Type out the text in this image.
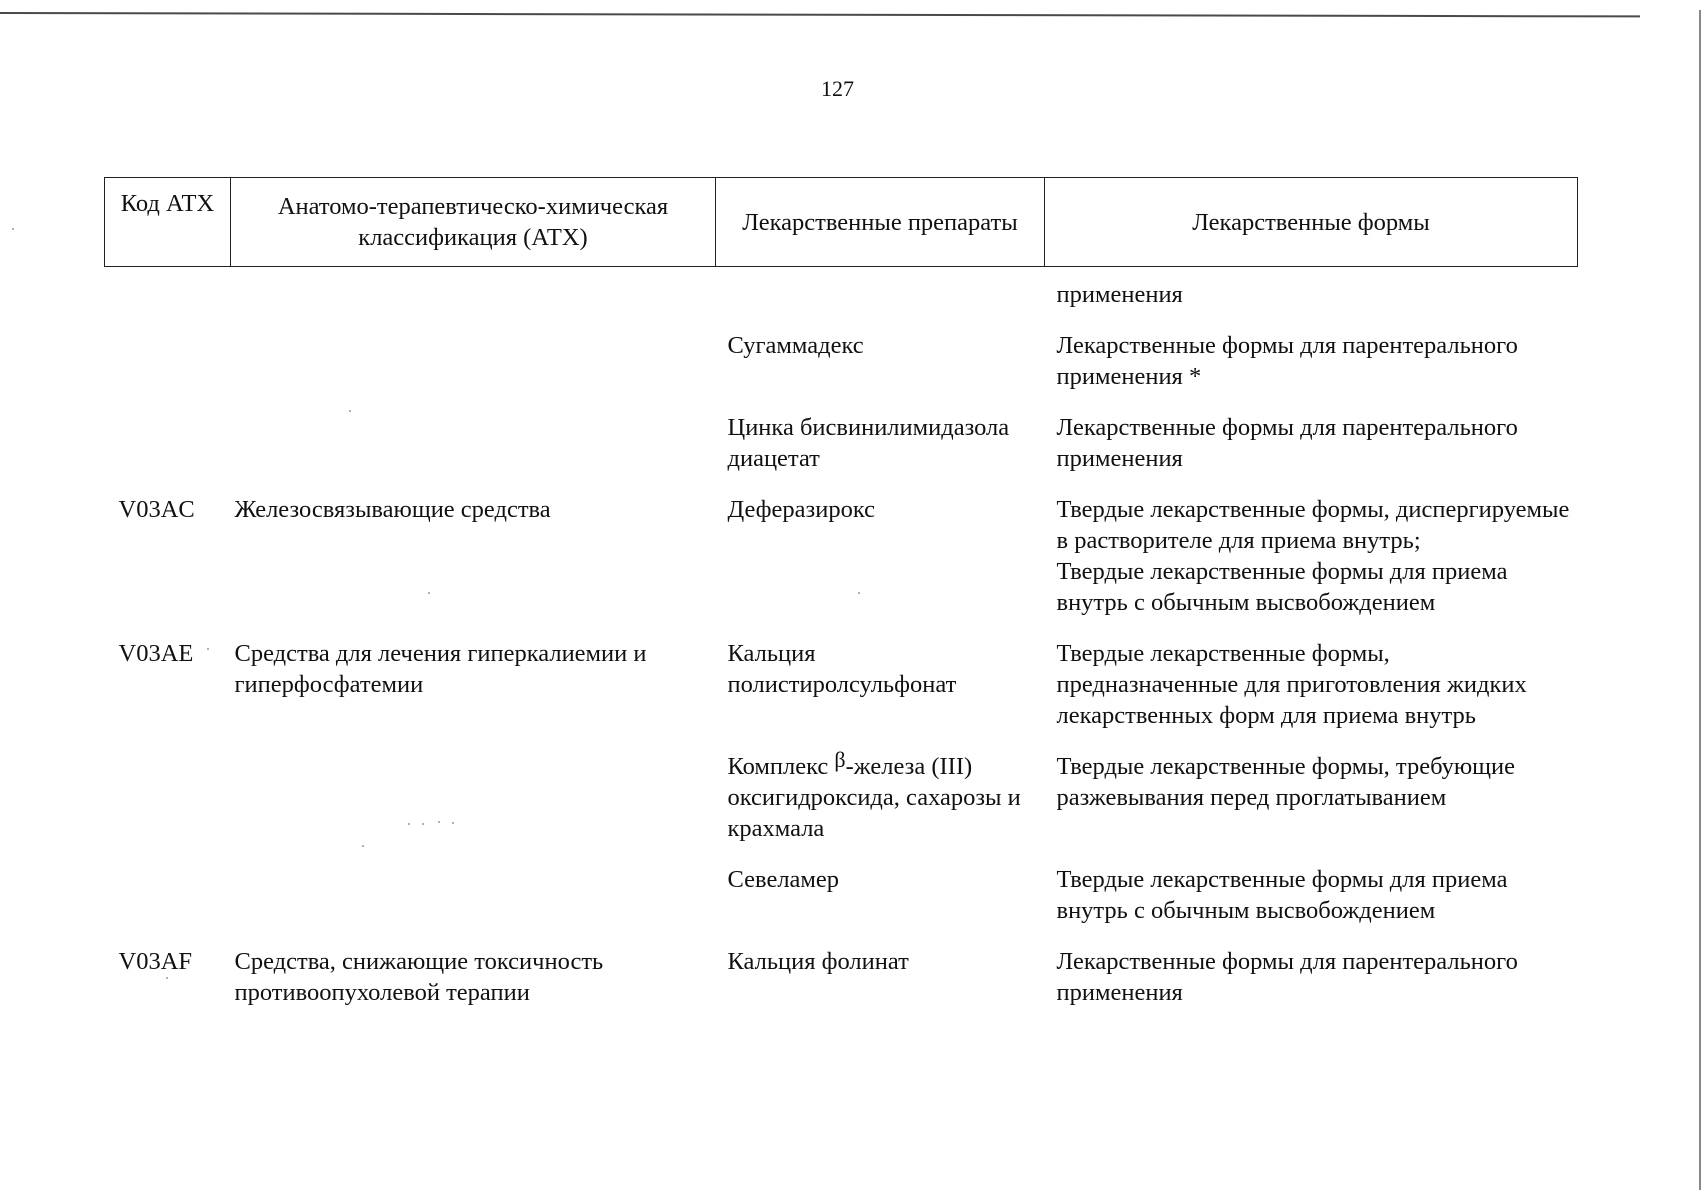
127
Код АТХ	Анатомо-терапевтическо-химическая классификация (АТХ)	Лекарственные препараты	Лекарственные формы

			применения

		Сугаммадекс	Лекарственные формы для парентерального применения *

		Цинка бисвинилимидазола диацетат	Лекарственные формы для парентерального применения

V03AC	Железосвязывающие средства	Деферазирокс	Твердые лекарственные формы, диспергируемые в растворителе для приема внутрь;
Твердые лекарственные формы для приема внутрь с обычным высвобождением

V03AE	Средства для лечения гиперкалиемии и гиперфосфатемии	Кальция полистиролсульфонат	Твердые лекарственные формы, предназначенные для приготовления жидких лекарственных форм для приема внутрь

		Комплекс β-железа (III) оксигидроксида, сахарозы и крахмала	Твердые лекарственные формы, требующие разжевывания перед проглатыванием

		Севеламер	Твердые лекарственные формы для приема внутрь с обычным высвобождением

V03AF	Средства, снижающие токсичность противоопухолевой терапии	Кальция фолинат	Лекарственные формы для парентерального применения
